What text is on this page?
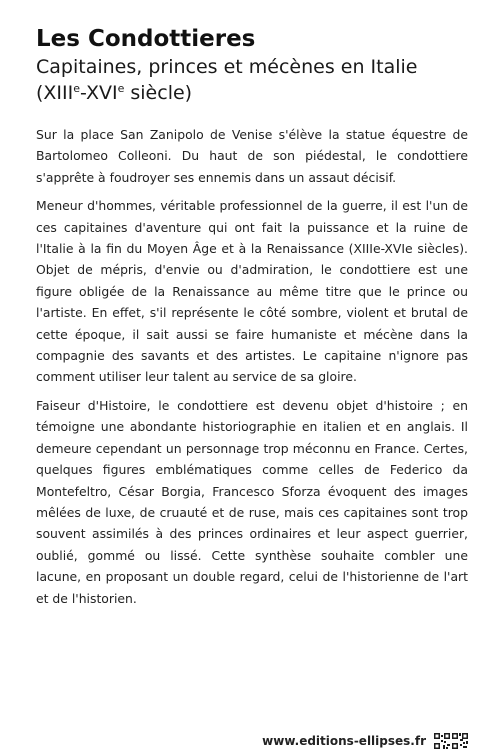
Les Condottieres

Capitaines, princes et mécènes en Italie

(XIIIe-XVIe siècle)

Sur la place San Zanipolo de Venise s'élève la statue équestre de Bartolomeo Colleoni. Du haut de son piédestal, le condottiere s'apprête à foudroyer ses ennemis dans un assaut décisif.

Meneur d'hommes, véritable professionnel de la guerre, il est l'un de ces capitaines d'aventure qui ont fait la puissance et la ruine de l'Italie à la fin du Moyen Âge et à la Renaissance (XIIIe-XVIe siècles). Objet de mépris, d'envie ou d'admiration, le condottiere est une figure obligée de la Renaissance au même titre que le prince ou l'artiste. En effet, s'il représente le côté sombre, violent et brutal de cette époque, il sait aussi se faire humaniste et mécène dans la compagnie des savants et des artistes. Le capitaine n'ignore pas comment utiliser leur talent au service de sa gloire.

Faiseur d'Histoire, le condottiere est devenu objet d'histoire ; en témoigne une abondante historiographie en italien et en anglais. Il demeure cependant un personnage trop méconnu en France. Certes, quelques figures emblématiques comme celles de Federico da Montefeltro, César Borgia, Francesco Sforza évoquent des images mêlées de luxe, de cruauté et de ruse, mais ces capitaines sont trop souvent assimilés à des princes ordinaires et leur aspect guerrier, oublié, gommé ou lissé. Cette synthèse souhaite combler une lacune, en proposant un double regard, celui de l'historienne de l'art et de l'historien.

www.editions-ellipses.fr
